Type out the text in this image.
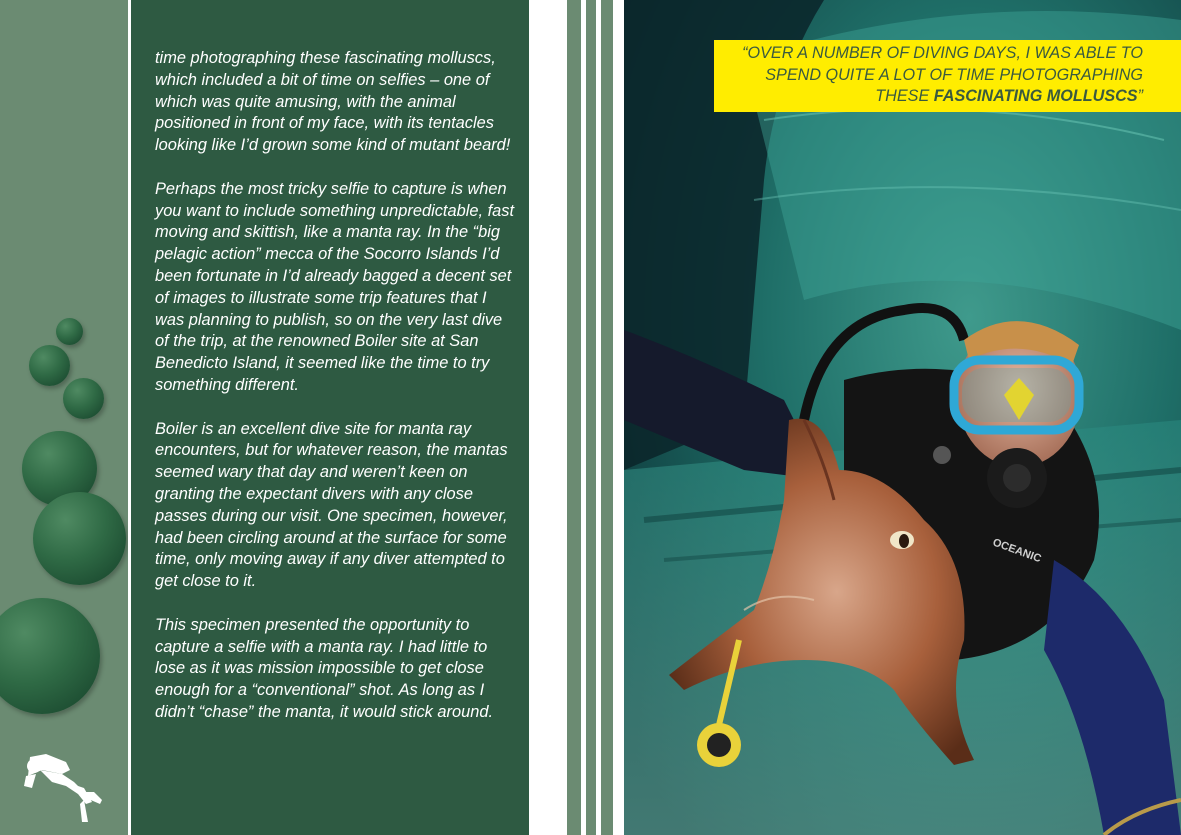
time photographing these fascinating molluscs, which included a bit of time on selfies – one of which was quite amusing, with the animal positioned in front of my face, with its tentacles looking like I’d grown some kind of mutant beard!

Perhaps the most tricky selfie to capture is when you want to include something unpredictable, fast moving and skittish, like a manta ray. In the “big pelagic action” mecca of the Socorro Islands I’d been fortunate in I’d already bagged a decent set of images to illustrate some trip features that I was planning to publish, so on the very last dive of the trip, at the renowned Boiler site at San Benedicto Island, it seemed like the time to try something different.

Boiler is an excellent dive site for manta ray encounters, but for whatever reason, the mantas seemed wary that day and weren’t keen on granting the expectant divers with any close passes during our visit. One specimen, however, had been circling around at the surface for some time, only moving away if any diver attempted to get close to it.

This specimen presented the opportunity to capture a selfie with a manta ray. I had little to lose as it was mission impossible to get close enough for a “conventional” shot. As long as I didn’t “chase” the manta, it would stick around.

OCEANIC
“OVER A NUMBER OF DIVING DAYS, I WAS ABLE TO SPEND QUITE A LOT OF TIME PHOTOGRAPHING THESE FASCINATING MOLLUSCS”
